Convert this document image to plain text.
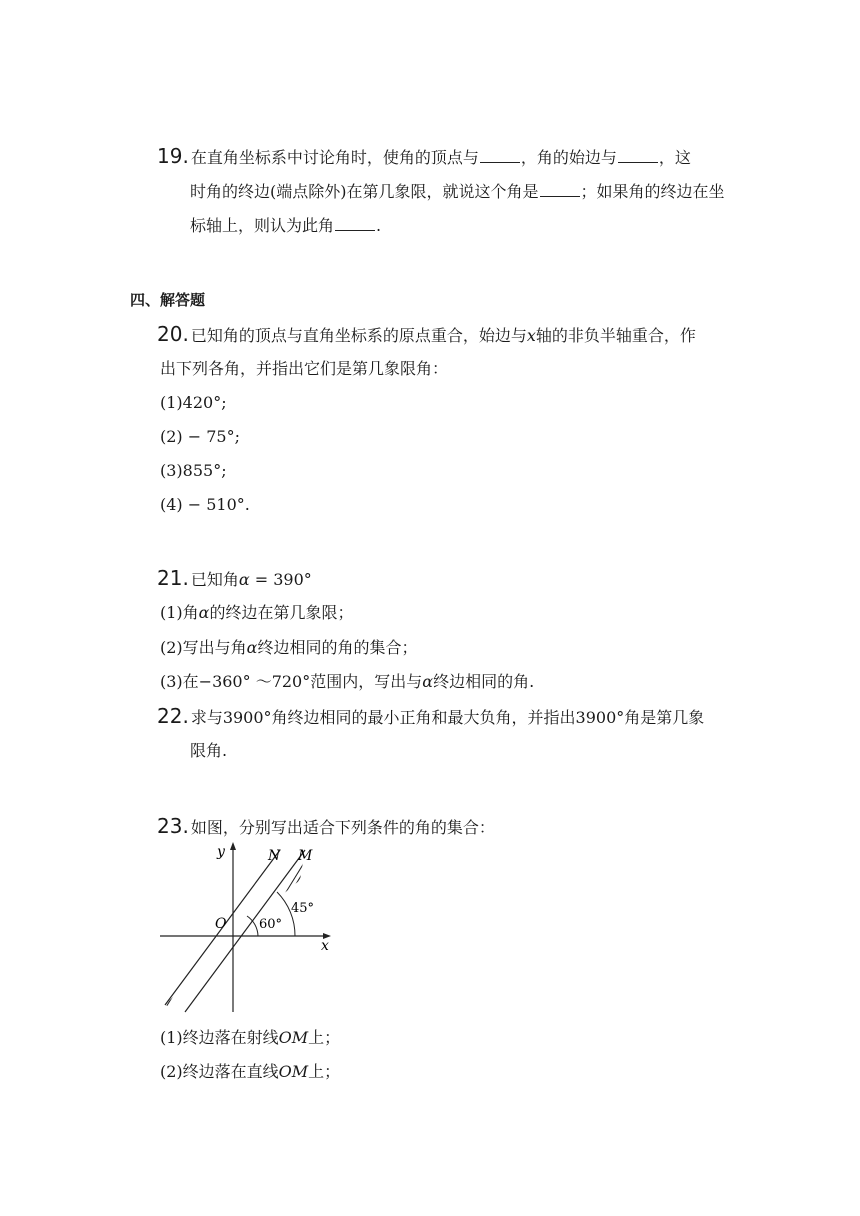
19. 在直角坐标系中讨论角时，使角的顶点与	，角的始边与	，这
时角的终边(端点除外)在第几象限，就说这个角是	；如果角的终边在坐
标轴上，则认为此角	.
四、解答题
20. 已知角的顶点与直角坐标系的原点重合，始边与x轴的非负半轴重合，作
出下列各角，并指出它们是第几象限角：
(1)420°;
(2) − 75°;
(3)855°;
(4) − 510°.
21. 已知角α = 390°
(1)角α的终边在第几象限；
(2)写出与角α终边相同的角的集合；
(3)在−360° ～720°范围内，写出与α终边相同的角.
22. 求与3900°角终边相同的最小正角和最大负角，并指出3900°角是第几象
限角.
23. 如图，分别写出适合下列条件的角的集合：
y	N M
45°
O	60°
x
(1)终边落在射线OM上；
(2)终边落在直线OM上；
